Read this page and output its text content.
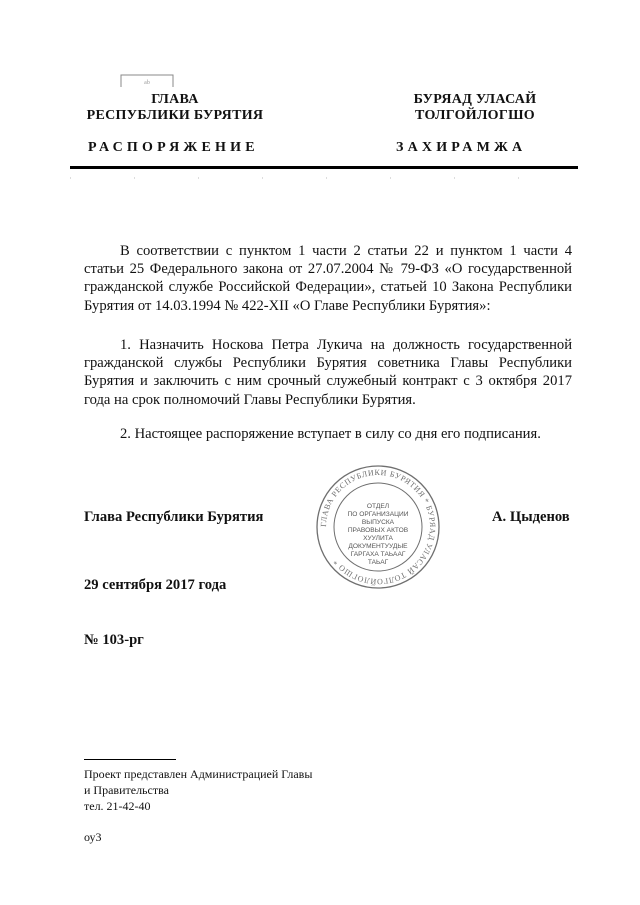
ab
ГЛАВА
РЕСПУБЛИКИ БУРЯТИЯ
БУРЯАД УЛАСАЙ
ТОЛГОЙЛОГШО
РАСПОРЯЖЕНИЕ	ЗАХИРАМЖА
В соответствии с пунктом 1 части 2 статьи 22 и пунктом 1 части 4 статьи 25 Федерального закона от 27.07.2004 № 79-ФЗ «О государственной гражданской службе Российской Федерации», статьей 10 Закона Республики Бурятия от 14.03.1994 № 422-XII «О Главе Республики Бурятия»:
1. Назначить Носкова Петра Лукича на должность государственной гражданской службы Республики Бурятия советника Главы Республики Бурятия и заключить с ним срочный служебный контракт с 3 октября 2017 года на срок полномочий Главы Республики Бурятия.
2. Настоящее распоряжение вступает в силу со дня его подписания.
Глава Республики Бурятия	ГЛАВА РЕСПУБЛИКИ БУРЯТИЯ * БУРЯАД УЛАСАЙ ТОЛГОЙЛОГШО *
ОТДЕЛ
ПО ОРГАНИЗАЦИИ
ВЫПУСКА
ПРАВОВЫХ АКТОВ
ХУУЛИТА
ДОКУМЕНТУУДЫЕ
ГАРГАХА ТАЬААГ
ТАЬАГ
А. Цыденов
29 сентября 2017 года
№ 103-рг
Проект представлен Администрацией Главы
и Правительства
тел. 21-42-40
оу3
